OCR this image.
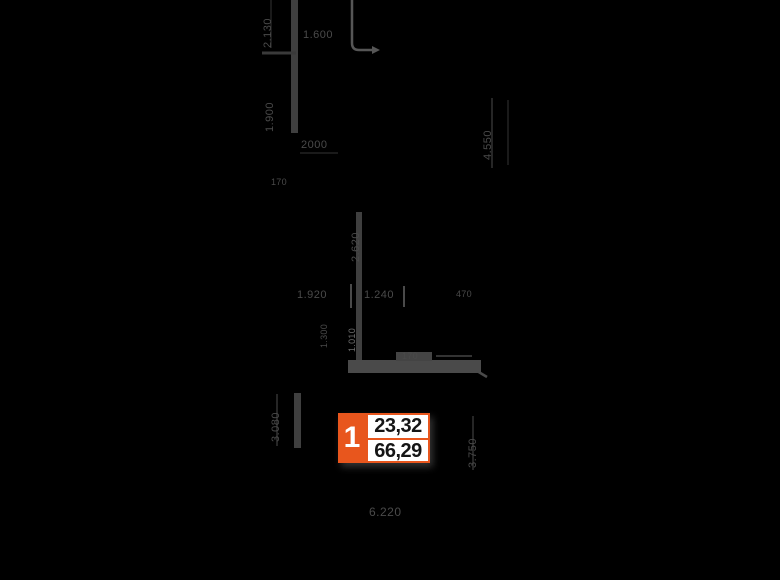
1.600
2000
170
1.920	1.240	470
170
6.220
2.130
1.900
2.620
1.300 1.010
3.080
3.750
4.550
1 23,32
66,29
